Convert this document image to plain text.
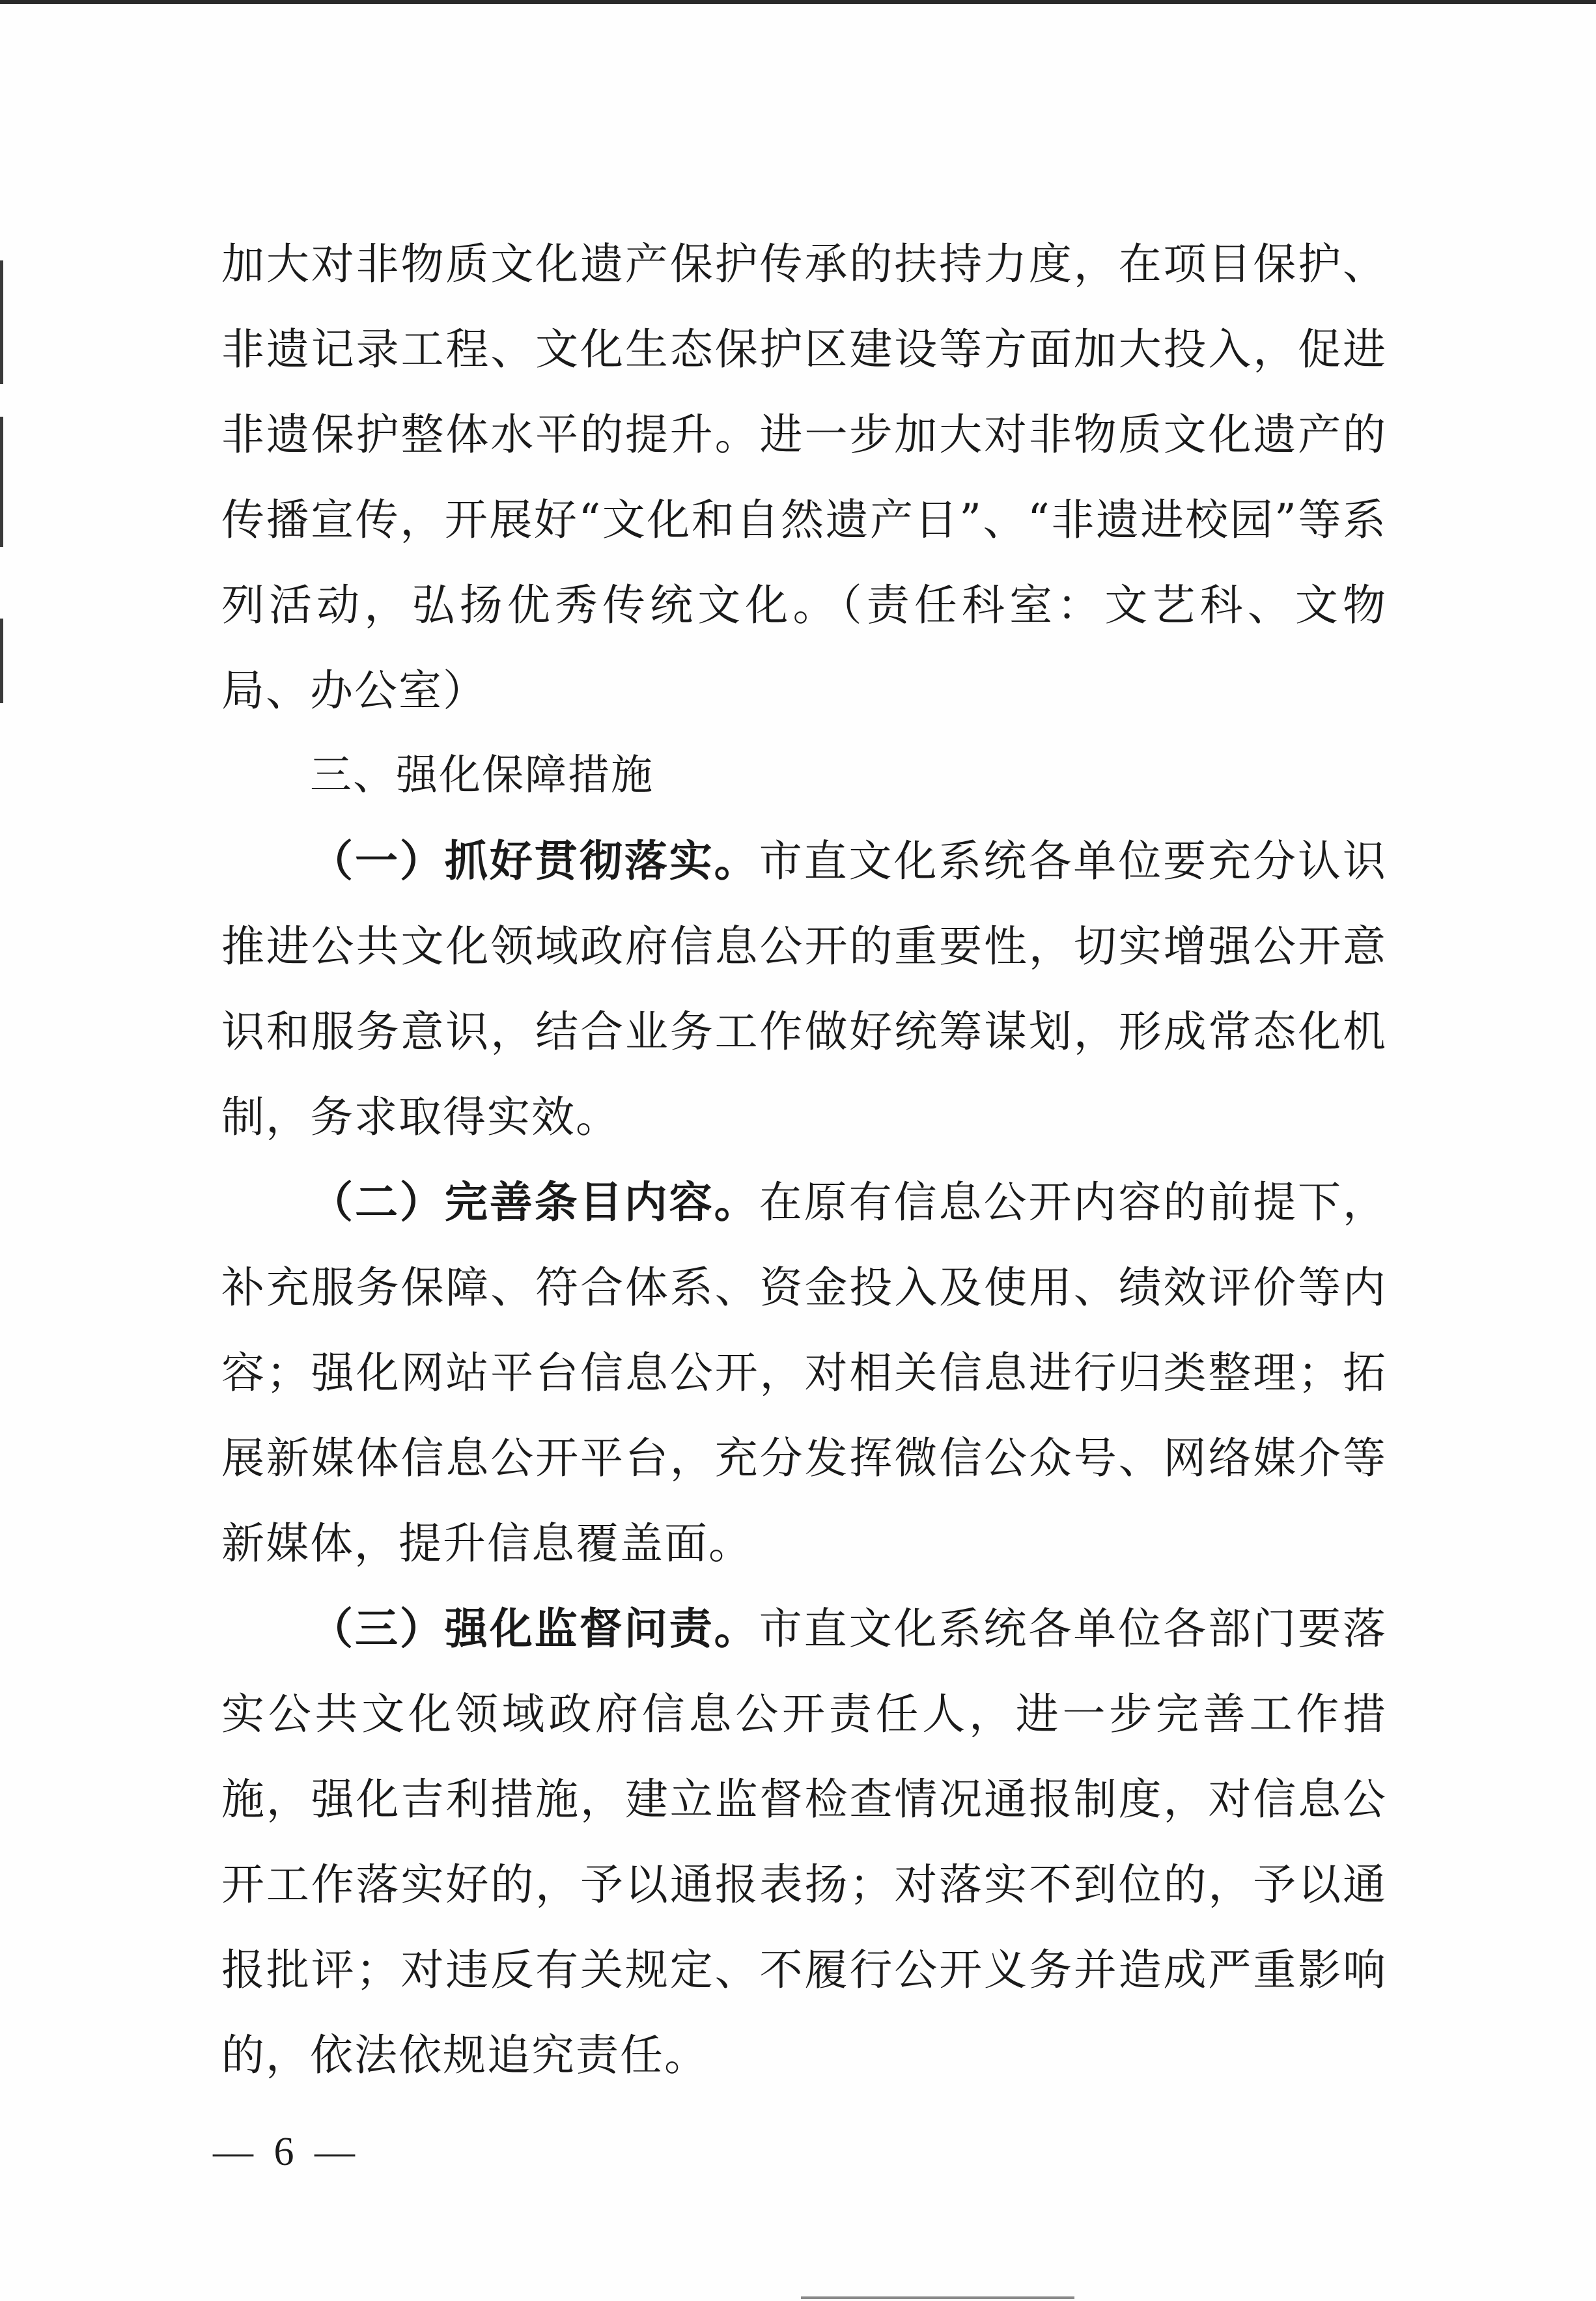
加大对非物质文化遗产保护传承的扶持力度，在项目保护、非遗记录工程、文化生态保护区建设等方面加大投入，促进非遗保护整体水平的提升。进一步加大对非物质文化遗产的传播宣传，开展好“文化和自然遗产日”、“非遗进校园”等系列活动，弘扬优秀传统文化。（责任科室：文艺科、文物局、办公室）

三、强化保障措施

（一）抓好贯彻落实。市直文化系统各单位要充分认识推进公共文化领域政府信息公开的重要性，切实增强公开意识和服务意识，结合业务工作做好统筹谋划，形成常态化机制，务求取得实效。

（二）完善条目内容。在原有信息公开内容的前提下，补充服务保障、符合体系、资金投入及使用、绩效评价等内容；强化网站平台信息公开，对相关信息进行归类整理；拓展新媒体信息公开平台，充分发挥微信公众号、网络媒介等新媒体，提升信息覆盖面。

（三）强化监督问责。市直文化系统各单位各部门要落实公共文化领域政府信息公开责任人，进一步完善工作措施，强化吉利措施，建立监督检查情况通报制度，对信息公开工作落实好的，予以通报表扬；对落实不到位的，予以通报批评；对违反有关规定、不履行公开义务并造成严重影响的，依法依规追究责任。

— 6 —
